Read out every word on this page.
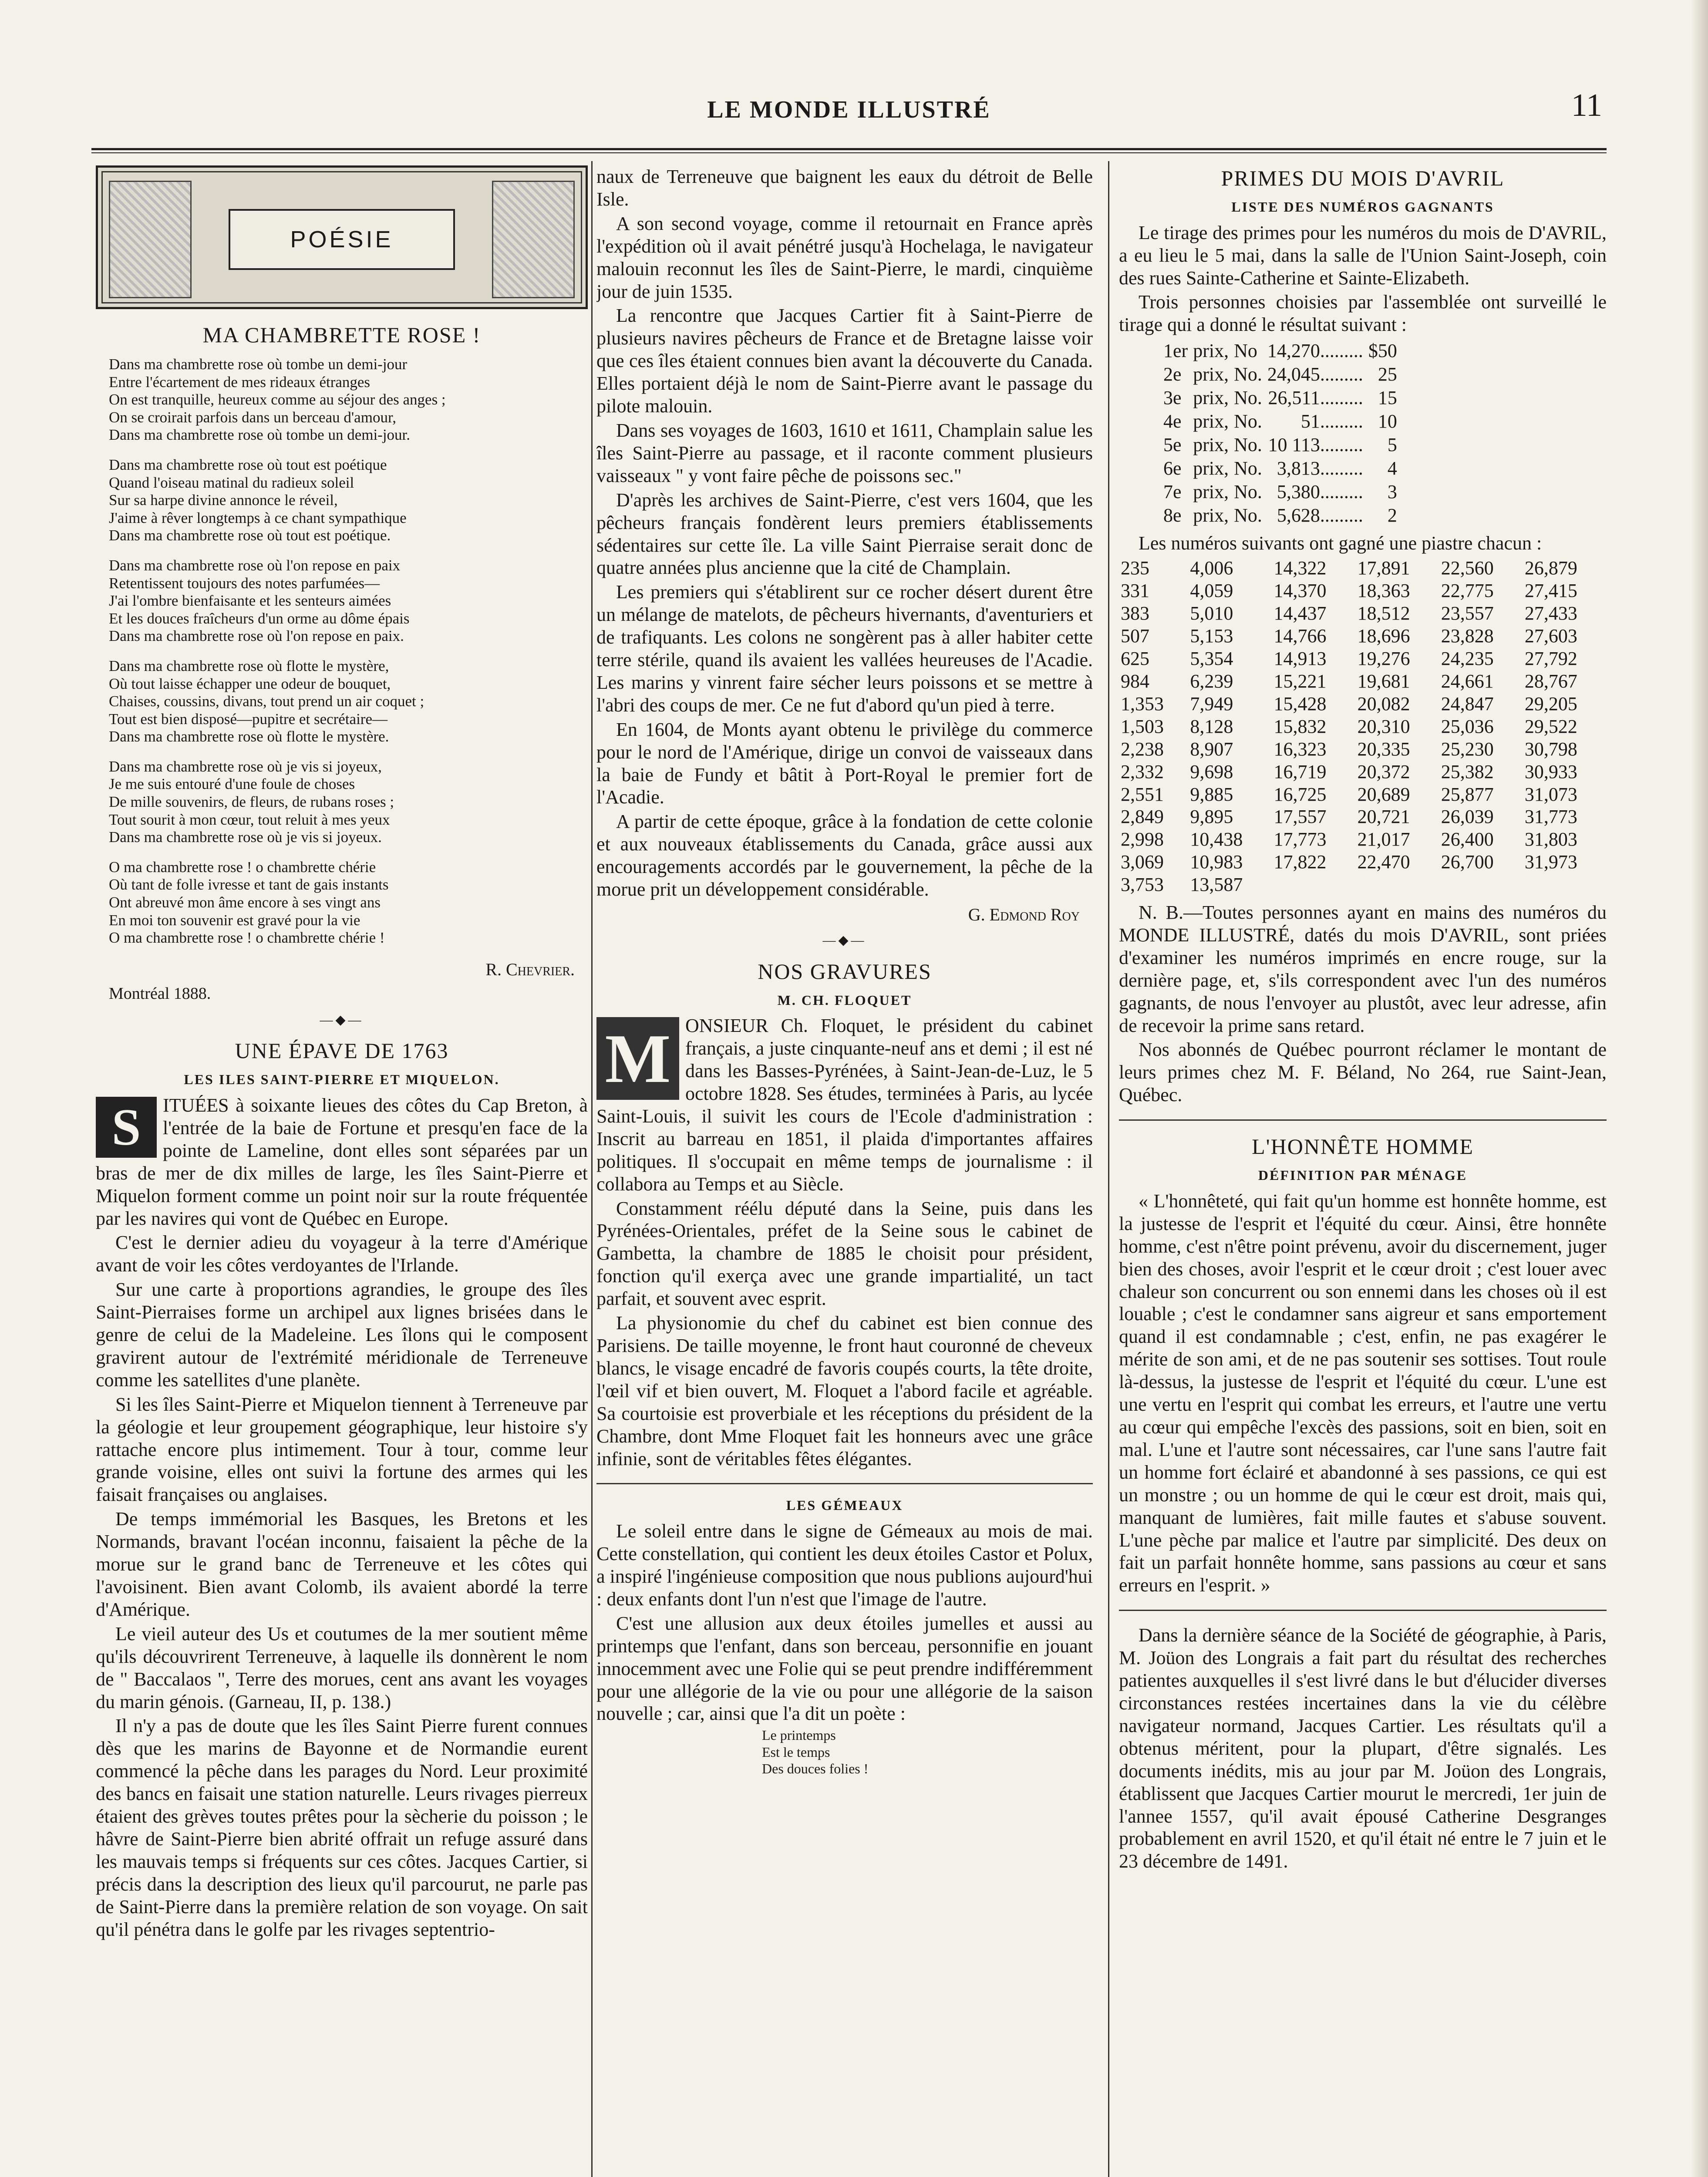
LE MONDE ILLUSTRÉ	11
POÉSIE
MA CHAMBRETTE ROSE !
Dans ma chambrette rose où tombe un demi-jour
Entre l'écartement de mes rideaux étranges
On est tranquille, heureux comme au séjour des anges ;
On se croirait parfois dans un berceau d'amour,
Dans ma chambrette rose où tombe un demi-jour.
Dans ma chambrette rose où tout est poétique
Quand l'oiseau matinal du radieux soleil
Sur sa harpe divine annonce le réveil,
J'aime à rêver longtemps à ce chant sympathique
Dans ma chambrette rose où tout est poétique.
Dans ma chambrette rose où l'on repose en paix
Retentissent toujours des notes parfumées—
J'ai l'ombre bienfaisante et les senteurs aimées
Et les douces fraîcheurs d'un orme au dôme épais
Dans ma chambrette rose où l'on repose en paix.
Dans ma chambrette rose où flotte le mystère,
Où tout laisse échapper une odeur de bouquet,
Chaises, coussins, divans, tout prend un air coquet ;
Tout est bien disposé—pupitre et secrétaire—
Dans ma chambrette rose où flotte le mystère.
Dans ma chambrette rose où je vis si joyeux,
Je me suis entouré d'une foule de choses
De mille souvenirs, de fleurs, de rubans roses ;
Tout sourit à mon cœur, tout reluit à mes yeux
Dans ma chambrette rose où je vis si joyeux.
O ma chambrette rose ! o chambrette chérie
Où tant de folle ivresse et tant de gais instants
Ont abreuvé mon âme encore à ses vingt ans
En moi ton souvenir est gravé pour la vie
O ma chambrette rose ! o chambrette chérie !
R. Chevrier.
Montréal 1888.
—◆—
UNE ÉPAVE DE 1763
LES ILES SAINT-PIERRE ET MIQUELON.

S	ITUÉES à soixante lieues des côtes du Cap Breton, à l'entrée de la baie de Fortune et presqu'en face de la pointe de Lameline, dont elles sont séparées par un bras de mer de dix milles de large, les îles Saint-Pierre et Miquelon forment comme un point noir sur la route fréquentée par les navires qui vont de Québec en Europe.

C'est le dernier adieu du voyageur à la terre d'Amérique avant de voir les côtes verdoyantes de l'Irlande.

Sur une carte à proportions agrandies, le groupe des îles Saint-Pierraises forme un archipel aux lignes brisées dans le genre de celui de la Madeleine. Les îlons qui le composent gravirent autour de l'extrémité méridionale de Terreneuve comme les satellites d'une planète.

Si les îles Saint-Pierre et Miquelon tiennent à Terreneuve par la géologie et leur groupement géographique, leur histoire s'y rattache encore plus intimement. Tour à tour, comme leur grande voisine, elles ont suivi la fortune des armes qui les faisait françaises ou anglaises.

De temps immémorial les Basques, les Bretons et les Normands, bravant l'océan inconnu, faisaient la pêche de la morue sur le grand banc de Terreneuve et les côtes qui l'avoisinent. Bien avant Colomb, ils avaient abordé la terre d'Amérique.

Le vieil auteur des Us et coutumes de la mer soutient même qu'ils découvrirent Terreneuve, à laquelle ils donnèrent le nom de " Baccalaos ", Terre des morues, cent ans avant les voyages du marin génois. (Garneau, II, p. 138.)

Il n'y a pas de doute que les îles Saint Pierre furent connues dès que les marins de Bayonne et de Normandie eurent commencé la pêche dans les parages du Nord. Leur proximité des bancs en faisait une station naturelle. Leurs rivages pierreux étaient des grèves toutes prêtes pour la sècherie du poisson ; le hâvre de Saint-Pierre bien abrité offrait un refuge assuré dans les mauvais temps si fréquents sur ces côtes. Jacques Cartier, si précis dans la description des lieux qu'il parcourut, ne parle pas de Saint-Pierre dans la première relation de son voyage. On sait qu'il pénétra dans le golfe par les rivages septentrio-

naux de Terreneuve que baignent les eaux du détroit de Belle Isle.

A son second voyage, comme il retournait en France après l'expédition où il avait pénétré jusqu'à Hochelaga, le navigateur malouin reconnut les îles de Saint-Pierre, le mardi, cinquième jour de juin 1535.

La rencontre que Jacques Cartier fit à Saint-Pierre de plusieurs navires pêcheurs de France et de Bretagne laisse voir que ces îles étaient connues bien avant la découverte du Canada. Elles portaient déjà le nom de Saint-Pierre avant le passage du pilote malouin.

Dans ses voyages de 1603, 1610 et 1611, Champlain salue les îles Saint-Pierre au passage, et il raconte comment plusieurs vaisseaux " y vont faire pêche de poissons sec."

D'après les archives de Saint-Pierre, c'est vers 1604, que les pêcheurs français fondèrent leurs premiers établissements sédentaires sur cette île. La ville Saint Pierraise serait donc de quatre années plus ancienne que la cité de Champlain.

Les premiers qui s'établirent sur ce rocher désert durent être un mélange de matelots, de pêcheurs hivernants, d'aventuriers et de trafiquants. Les colons ne songèrent pas à aller habiter cette terre stérile, quand ils avaient les vallées heureuses de l'Acadie. Les marins y vinrent faire sécher leurs poissons et se mettre à l'abri des coups de mer. Ce ne fut d'abord qu'un pied à terre.

En 1604, de Monts ayant obtenu le privilège du commerce pour le nord de l'Amérique, dirige un convoi de vaisseaux dans la baie de Fundy et bâtit à Port-Royal le premier fort de l'Acadie.

A partir de cette époque, grâce à la fondation de cette colonie et aux nouveaux établissements du Canada, grâce aussi aux encouragements accordés par le gouvernement, la pêche de la morue prit un développement considérable.

G. Edmond Roy
—◆—
NOS GRAVURES
M. CH. FLOQUET

M ONSIEUR Ch. Floquet, le président du cabinet français, a juste cinquante-neuf ans et demi ; il est né dans les Basses-Pyrénées, à Saint-Jean-de-Luz, le 5 octobre 1828. Ses études, terminées à Paris, au lycée Saint-Louis, il suivit les cours de l'Ecole d'administration : Inscrit au barreau en 1851, il plaida d'importantes affaires politiques. Il s'occupait en même temps de journalisme : il collabora au Temps et au Siècle.

Constamment réélu député dans la Seine, puis dans les Pyrénées-Orientales, préfet de la Seine sous le cabinet de Gambetta, la chambre de 1885 le choisit pour président, fonction qu'il exerça avec une grande impartialité, un tact parfait, et souvent avec esprit.

La physionomie du chef du cabinet est bien connue des Parisiens. De taille moyenne, le front haut couronné de cheveux blancs, le visage encadré de favoris coupés courts, la tête droite, l'œil vif et bien ouvert, M. Floquet a l'abord facile et agréable. Sa courtoisie est proverbiale et les réceptions du président de la Chambre, dont Mme Floquet fait les honneurs avec une grâce infinie, sont de véritables fêtes élégantes.

LES GÉMEAUX

Le soleil entre dans le signe de Gémeaux au mois de mai. Cette constellation, qui contient les deux étoiles Castor et Polux, a inspiré l'ingénieuse composition que nous publions aujourd'hui : deux enfants dont l'un n'est que l'image de l'autre.

C'est une allusion aux deux étoiles jumelles et aussi au printemps que l'enfant, dans son berceau, personnifie en jouant innocemment avec une Folie qui se peut prendre indifféremment pour une allégorie de la vie ou pour une allégorie de la saison nouvelle ; car, ainsi que l'a dit un poète :

Le printemps
Est le temps
Des douces folies !
PRIMES DU MOIS D'AVRIL
LISTE DES NUMÉROS GAGNANTS

Le tirage des primes pour les numéros du mois de D'AVRIL, a eu lieu le 5 mai, dans la salle de l'Union Saint-Joseph, coin des rues Sainte-Catherine et Sainte-Elizabeth.

Trois personnes choisies par l'assemblée ont surveillé le tirage qui a donné le résultat suivant :

1er	prix,	No	14,270.........	$50
2e	prix,	No.	24,045.........	25
3e	prix,	No.	26,511.........	15
4e	prix,	No.	51.........	10
5e	prix,	No.	10 113.........	5
6e	prix,	No.	3,813.........	4
7e	prix,	No.	5,380.........	3
8e	prix,	No.	5,628.........	2

Les numéros suivants ont gagné une piastre chacun :

235	4,006	14,322	17,891	22,560	26,879
331	4,059	14,370	18,363	22,775	27,415
383	5,010	14,437	18,512	23,557	27,433
507	5,153	14,766	18,696	23,828	27,603
625	5,354	14,913	19,276	24,235	27,792
984	6,239	15,221	19,681	24,661	28,767
1,353	7,949	15,428	20,082	24,847	29,205
1,503	8,128	15,832	20,310	25,036	29,522
2,238	8,907	16,323	20,335	25,230	30,798
2,332	9,698	16,719	20,372	25,382	30,933
2,551	9,885	16,725	20,689	25,877	31,073
2,849	9,895	17,557	20,721	26,039	31,773
2,998	10,438	17,773	21,017	26,400	31,803
3,069	10,983	17,822	22,470	26,700	31,973
3,753	13,587				

N. B.—Toutes personnes ayant en mains des numéros du MONDE ILLUSTRÉ, datés du mois D'AVRIL, sont priées d'examiner les numéros imprimés en encre rouge, sur la dernière page, et, s'ils correspondent avec l'un des numéros gagnants, de nous l'envoyer au plustôt, avec leur adresse, afin de recevoir la prime sans retard.

Nos abonnés de Québec pourront réclamer le montant de leurs primes chez M. F. Béland, No 264, rue Saint-Jean, Québec.

L'HONNÊTE HOMME
DÉFINITION PAR MÉNAGE

« L'honnêteté, qui fait qu'un homme est honnête homme, est la justesse de l'esprit et l'équité du cœur. Ainsi, être honnête homme, c'est n'être point prévenu, avoir du discernement, juger bien des choses, avoir l'esprit et le cœur droit ; c'est louer avec chaleur son concurrent ou son ennemi dans les choses où il est louable ; c'est le condamner sans aigreur et sans emportement quand il est condamnable ; c'est, enfin, ne pas exagérer le mérite de son ami, et de ne pas soutenir ses sottises. Tout roule là-dessus, la justesse de l'esprit et l'équité du cœur. L'une est une vertu en l'esprit qui combat les erreurs, et l'autre une vertu au cœur qui empêche l'excès des passions, soit en bien, soit en mal. L'une et l'autre sont nécessaires, car l'une sans l'autre fait un homme fort éclairé et abandonné à ses passions, ce qui est un monstre ; ou un homme de qui le cœur est droit, mais qui, manquant de lumières, fait mille fautes et s'abuse souvent. L'une pèche par malice et l'autre par simplicité. Des deux on fait un parfait honnête homme, sans passions au cœur et sans erreurs en l'esprit. »

Dans la dernière séance de la Société de géographie, à Paris, M. Joüon des Longrais a fait part du résultat des recherches patientes auxquelles il s'est livré dans le but d'élucider diverses circonstances restées incertaines dans la vie du célèbre navigateur normand, Jacques Cartier. Les résultats qu'il a obtenus méritent, pour la plupart, d'être signalés. Les documents inédits, mis au jour par M. Joüon des Longrais, établissent que Jacques Cartier mourut le mercredi, 1er juin de l'annee 1557, qu'il avait épousé Catherine Desgranges probablement en avril 1520, et qu'il était né entre le 7 juin et le 23 décembre de 1491.
